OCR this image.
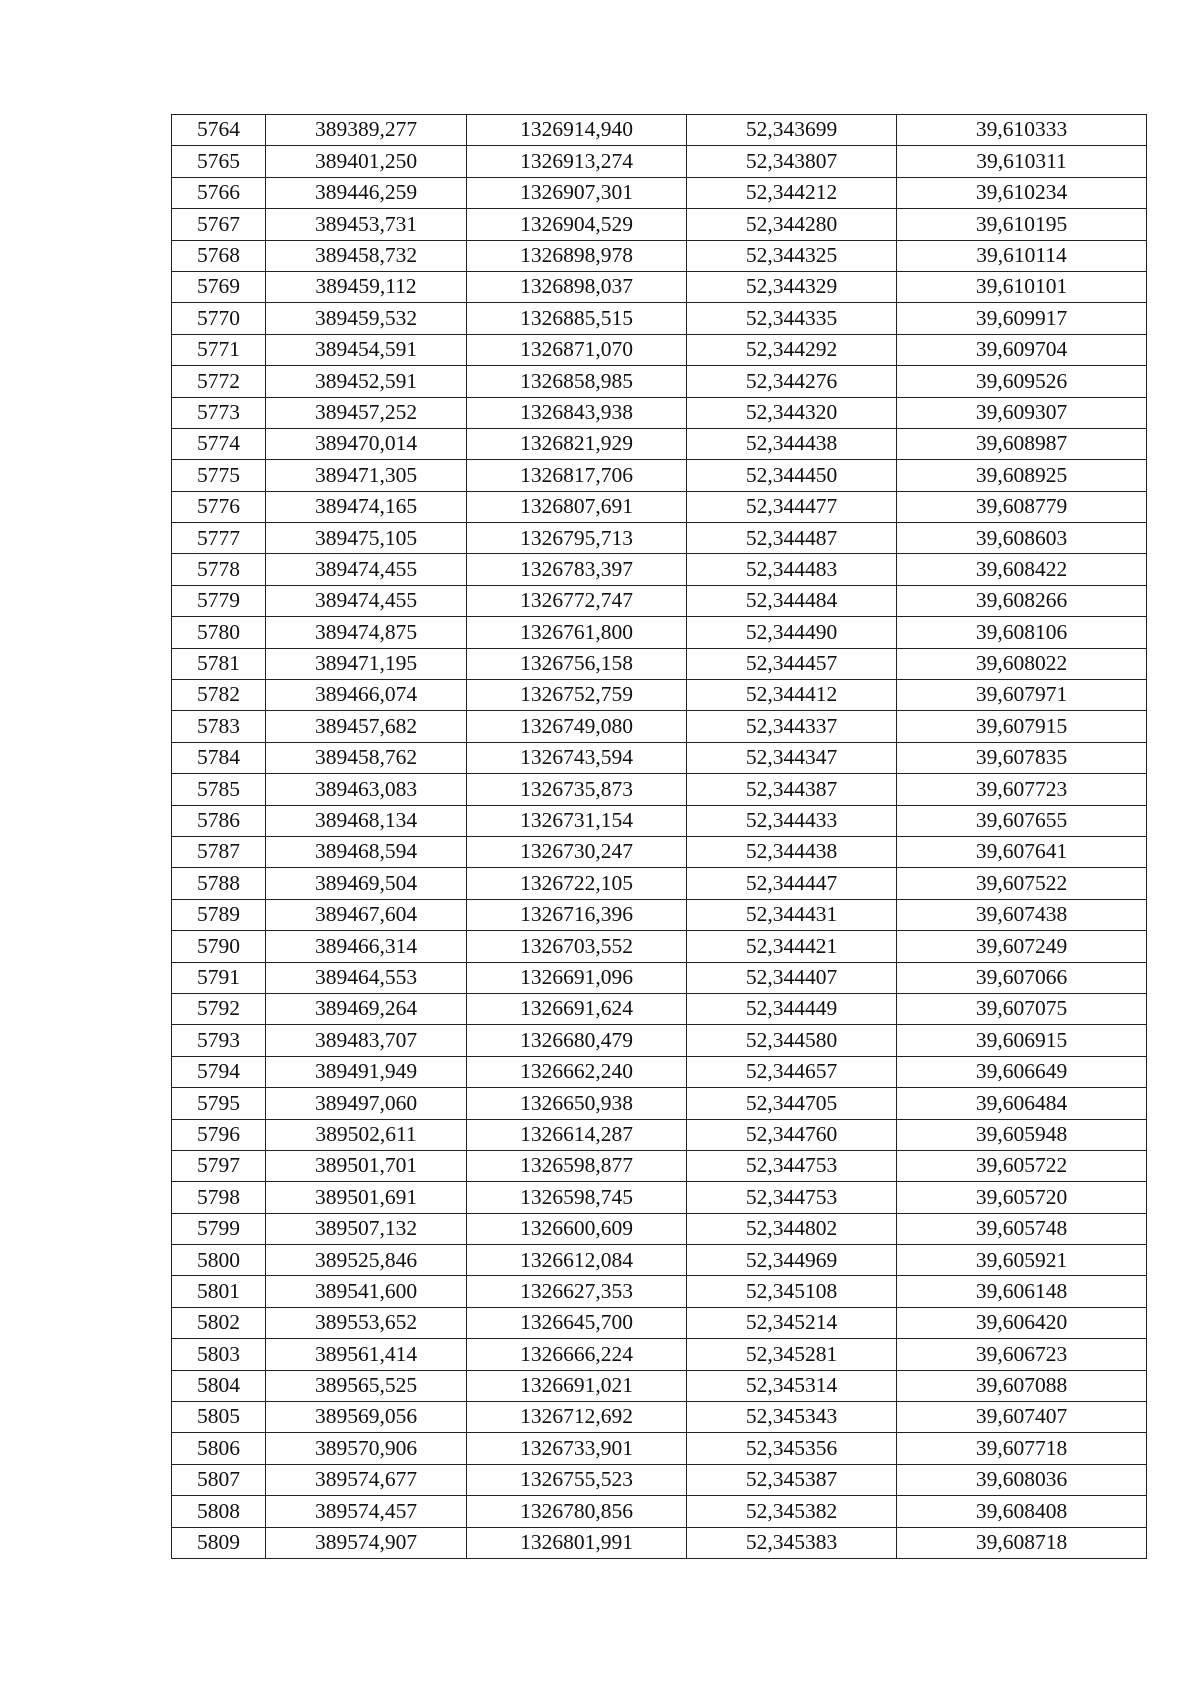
5764	389389,277	1326914,940	52,343699	39,610333
5765	389401,250	1326913,274	52,343807	39,610311
5766	389446,259	1326907,301	52,344212	39,610234
5767	389453,731	1326904,529	52,344280	39,610195
5768	389458,732	1326898,978	52,344325	39,610114
5769	389459,112	1326898,037	52,344329	39,610101
5770	389459,532	1326885,515	52,344335	39,609917
5771	389454,591	1326871,070	52,344292	39,609704
5772	389452,591	1326858,985	52,344276	39,609526
5773	389457,252	1326843,938	52,344320	39,609307
5774	389470,014	1326821,929	52,344438	39,608987
5775	389471,305	1326817,706	52,344450	39,608925
5776	389474,165	1326807,691	52,344477	39,608779
5777	389475,105	1326795,713	52,344487	39,608603
5778	389474,455	1326783,397	52,344483	39,608422
5779	389474,455	1326772,747	52,344484	39,608266
5780	389474,875	1326761,800	52,344490	39,608106
5781	389471,195	1326756,158	52,344457	39,608022
5782	389466,074	1326752,759	52,344412	39,607971
5783	389457,682	1326749,080	52,344337	39,607915
5784	389458,762	1326743,594	52,344347	39,607835
5785	389463,083	1326735,873	52,344387	39,607723
5786	389468,134	1326731,154	52,344433	39,607655
5787	389468,594	1326730,247	52,344438	39,607641
5788	389469,504	1326722,105	52,344447	39,607522
5789	389467,604	1326716,396	52,344431	39,607438
5790	389466,314	1326703,552	52,344421	39,607249
5791	389464,553	1326691,096	52,344407	39,607066
5792	389469,264	1326691,624	52,344449	39,607075
5793	389483,707	1326680,479	52,344580	39,606915
5794	389491,949	1326662,240	52,344657	39,606649
5795	389497,060	1326650,938	52,344705	39,606484
5796	389502,611	1326614,287	52,344760	39,605948
5797	389501,701	1326598,877	52,344753	39,605722
5798	389501,691	1326598,745	52,344753	39,605720
5799	389507,132	1326600,609	52,344802	39,605748
5800	389525,846	1326612,084	52,344969	39,605921
5801	389541,600	1326627,353	52,345108	39,606148
5802	389553,652	1326645,700	52,345214	39,606420
5803	389561,414	1326666,224	52,345281	39,606723
5804	389565,525	1326691,021	52,345314	39,607088
5805	389569,056	1326712,692	52,345343	39,607407
5806	389570,906	1326733,901	52,345356	39,607718
5807	389574,677	1326755,523	52,345387	39,608036
5808	389574,457	1326780,856	52,345382	39,608408
5809	389574,907	1326801,991	52,345383	39,608718
